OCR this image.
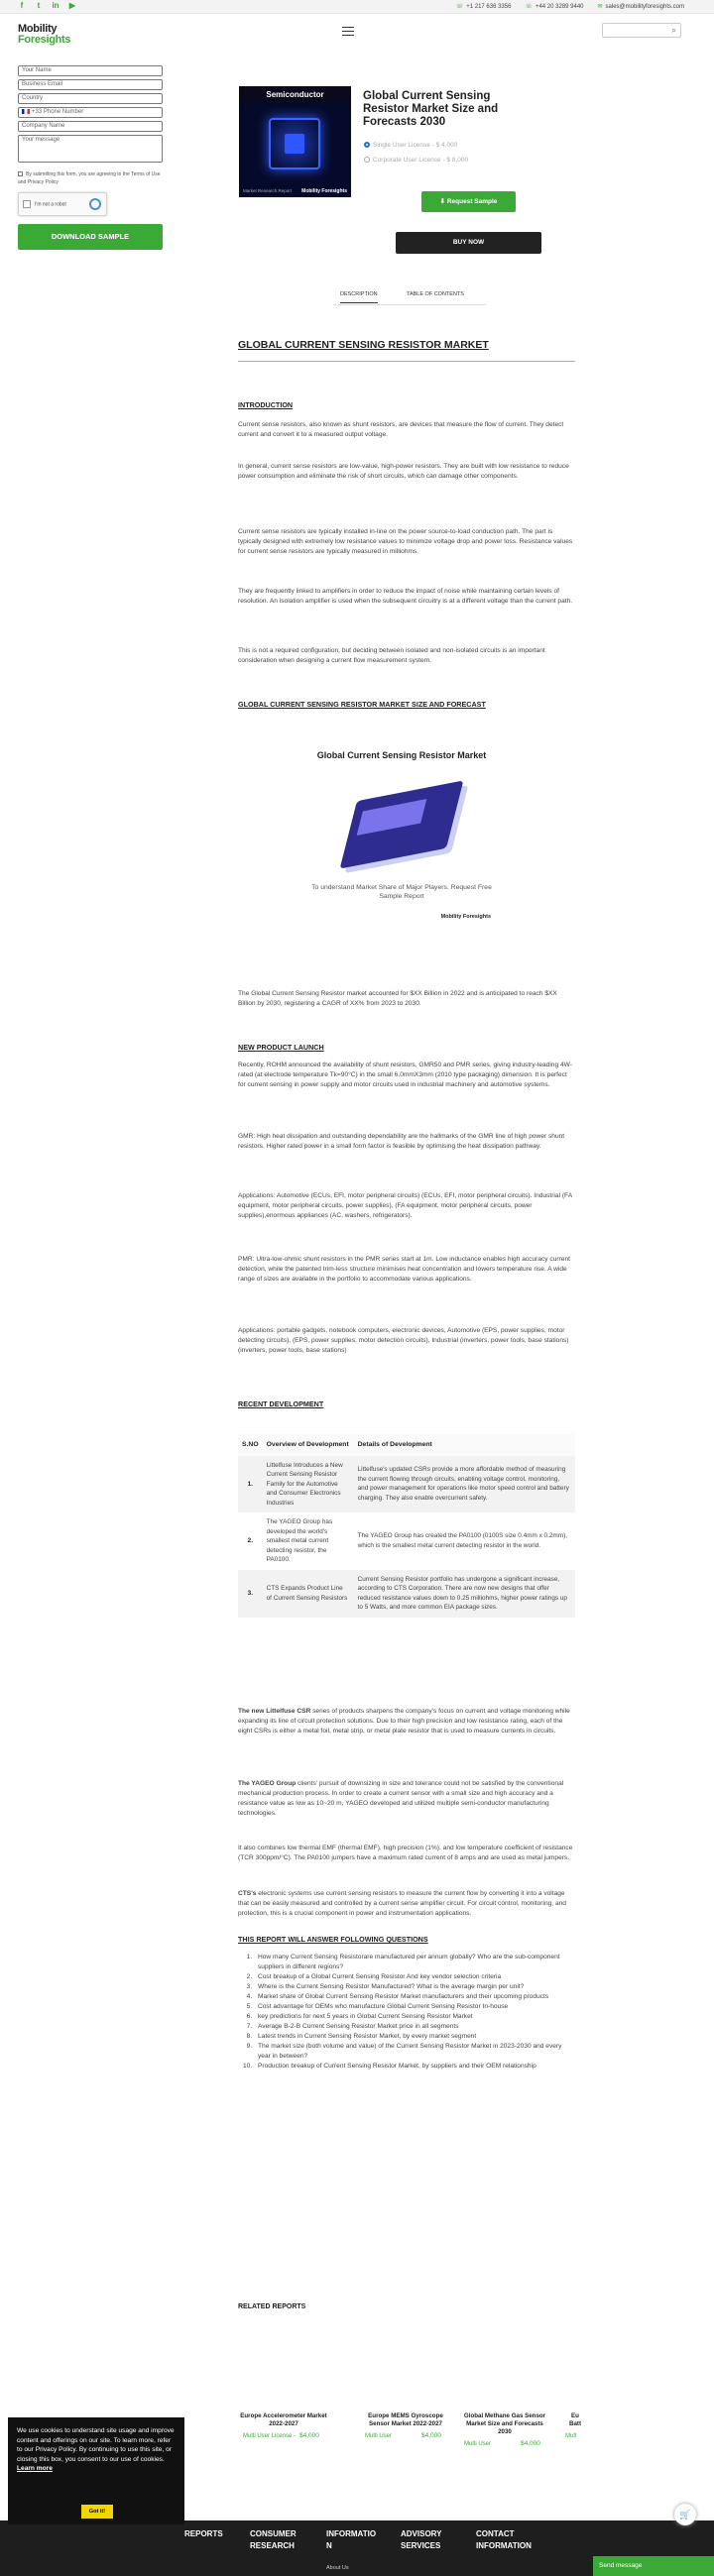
f	t	in ▶	☏ +1 217 636 3356 ☏ +44 20 3289 9440 ✉ sales@mobilityforesights.com
Mobility
Foresights
⌕
Your Name
Business Email
Country
+33 Phone Number
Company Name
Your message
By submitting this form, you are agreeing to the Terms of Use and Privacy Policy
I'm not a robot
DOWNLOAD SAMPLE
Semiconductor
Market Research Report Mobility Foresights
Global Current Sensing Resistor Market Size and Forecasts 2030
Single User License - $ 4,000
Corporate User License - $ 8,000
⬇ Request Sample
BUY NOW
DESCRIPTION	TABLE OF CONTENTS
GLOBAL CURRENT SENSING RESISTOR MARKET
INTRODUCTION
Current sense resistors, also known as shunt resistors, are devices that measure the flow of current. They detect current and convert it to a measured output voltage.
In general, current sense resistors are low-value, high-power resistors. They are built with low resistance to reduce power consumption and eliminate the risk of short circuits, which can damage other components.
Current sense resistors are typically installed in-line on the power source-to-load conduction path. The part is typically designed with extremely low resistance values to minimize voltage drop and power loss. Resistance values for current sense resistors are typically measured in milliohms.
They are frequently linked to amplifiers in order to reduce the impact of noise while maintaining certain levels of resolution. An isolation amplifier is used when the subsequent circuitry is at a different voltage than the current path.
This is not a required configuration, but deciding between isolated and non-isolated circuits is an important consideration when designing a current flow measurement system.
GLOBAL CURRENT SENSING RESISTOR MARKET SIZE AND FORECAST
Global Current Sensing Resistor Market
To understand Market Share of Major Players. Request Free Sample Report
Mobility Foresights
The Global Current Sensing Resistor market accounted for $XX Billion in 2022 and is anticipated to reach $XX Billion by 2030, registering a CAGR of XX% from 2023 to 2030.
NEW PRODUCT LAUNCH
Recently, ROHM announced the availability of shunt resistors, GMR50 and PMR series, giving industry-leading 4W-rated (at electrode temperature Tk=90°C) in the small 6.0mmX3mm (2010 type packaging) dimension. It is perfect for current sensing in power supply and motor circuits used in industrial machinery and automotive systems.
GMR: High heat dissipation and outstanding dependability are the hallmarks of the GMR line of high power shunt resistors. Higher rated power in a small form factor is feasible by optimising the heat dissipation pathway.
Applications: Automotive (ECUs, EFI, motor peripheral circuits) (ECUs, EFI, motor peripheral circuits). Industrial (FA equipment, motor peripheral circuits, power supplies), (FA equipment, motor peripheral circuits, power supplies),enormous appliances (AC, washers, refrigerators).
PMR: Ultra-low-ohmic shunt resistors in the PMR series start at 1m. Low inductance enables high accuracy current detection, while the patented trim-less structure minimises heat concentration and lowers temperature rise. A wide range of sizes are available in the portfolio to accommodate various applications.
Applications: portable gadgets, notebook computers, electronic devices, Automotive (EPS, power supplies, motor detecting circuits), (EPS, power supplies, motor detection circuits), Industrial (inverters, power tools, base stations) (inverters, power tools, base stations)
RECENT DEVELOPMENT
S.NO	Overview of Development	Details of Development
1.	Littelfuse Introduces a New Current Sensing Resistor Family for the Automotive and Consumer Electronics Industries	Littelfuse's updated CSRs provide a more affordable method of measuring the current flowing through circuits, enabling voltage control, monitoring, and power management for operations like motor speed control and battery charging. They also enable overcurrent safety.
2.	The YAGEO Group has developed the world's smallest metal current detecting resistor, the PA0100.	The YAGEO Group has created the PA0100 (0100S size 0.4mm x 0.2mm), which is the smallest metal current detecting resistor in the world.
3.	CTS Expands Product Line of Current Sensing Resistors	Current Sensing Resistor portfolio has undergone a significant increase, according to CTS Corporation. There are now new designs that offer reduced resistance values down to 0.25 milliohms, higher power ratings up to 5 Watts, and more common EIA package sizes.
The new Littelfuse CSR series of products sharpens the company's focus on current and voltage monitoring while expanding its line of circuit protection solutions. Due to their high precision and low resistance rating, each of the eight CSRs is either a metal foil, metal strip, or metal plate resistor that is used to measure currents in circuits.
The YAGEO Group clients' pursuit of downsizing in size and tolerance could not be satisfied by the conventional mechanical production process. In order to create a current sensor with a small size and high accuracy and a resistance value as low as 10~20 m, YAGEO developed and utilized multiple semi-conductor manufacturing technologies.
It also combines low thermal EMF (thermal EMF), high precision (1%), and low temperature coefficient of resistance (TCR 300ppm/°C). The PA0100 jumpers have a maximum rated current of 8 amps and are used as metal jumpers.
CTS's electronic systems use current sensing resistors to measure the current flow by converting it into a voltage that can be easily measured and controlled by a current sense amplifier circuit. For circuit control, monitoring, and protection, this is a crucial component in power and instrumentation applications.
THIS REPORT WILL ANSWER FOLLOWING QUESTIONS
1. How many Current Sensing Resistorare manufactured per annum globally? Who are the sub-component suppliers in different regions?
2. Cost breakup of a Global Current Sensing Resistor And key vendor selection criteria
3. Where is the Current Sensing Resistor Manufactured? What is the average margin per unit?
4. Market share of Global Current Sensing Resistor Market manufacturers and their upcoming products
5. Cost advantage for OEMs who manufacture Global Current Sensing Resistor In-house
6. key predictions for next 5 years in Global Current Sensing Resistor Market
7. Average B-2-B Current Sensing Resistor Market price in all segments
8. Latest trends in Current Sensing Resistor Market, by every market segment
9. The market size (both volume and value) of the Current Sensing Resistor Market in 2023-2030 and every year in between?
10. Production breakup of Current Sensing Resistor Market, by suppliers and their OEM relationship
RELATED REPORTS
Europe Accelerometer Market 2022-2027
Multi User License - $4,000
Europe MEMS Gyroscope Sensor Market 2022-2027
Multi User	$4,000
Global Methane Gas Sensor Market Size and Forecasts 2030
Multi User	$4,000
Eu Batt
Mult
REPORTS	CONSUMER
RESEARCH
INFORMATIO
N
ADVISORY
SERVICES
CONTACT
INFORMATION
About Us
We use cookies to understand site usage and improve content and offerings on our site. To learn more, refer to our Privacy Policy. By continuing to use this site, or closing this box, you consent to our use of cookies. Learn more
Got it!	🛒
Send message
